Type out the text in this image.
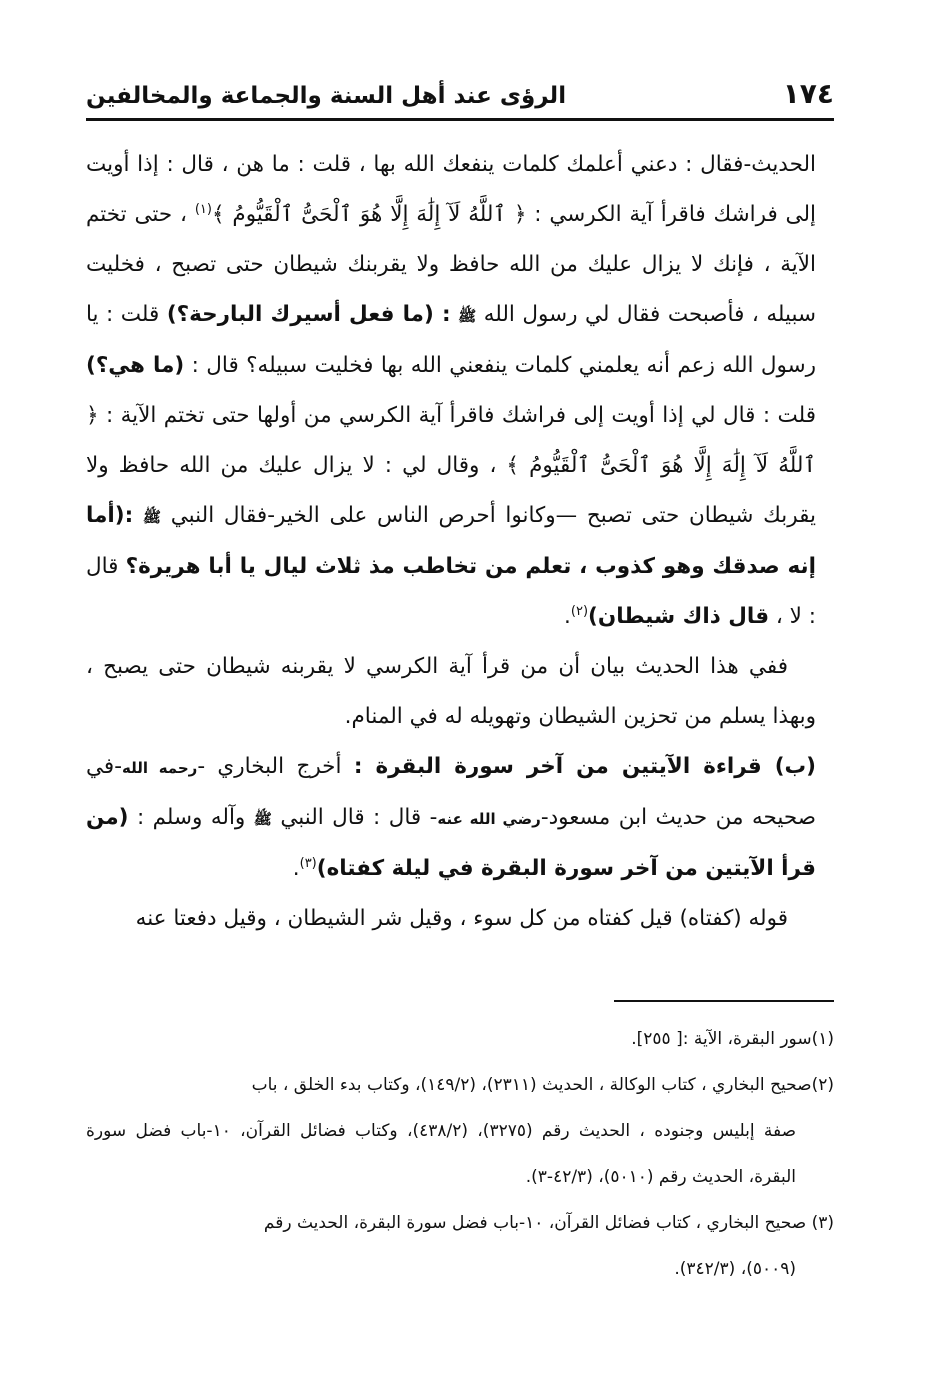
١٧٤
الرؤى عند أهل السنة والجماعة والمخالفين

الحديث-فقال : دعني أعلمك كلمات ينفعك الله بها ، قلت : ما هن ، قال : إذا أويت إلى فراشك فاقرأ آية الكرسي : ﴿ ٱللَّهُ لَآ إِلَٰهَ إِلَّا هُوَ ٱلْحَىُّ ٱلْقَيُّومُ ﴾$^{(١)}$ ، حتى تختم الآية ، فإنك لا يزال عليك من الله حافظ ولا يقربنك شيطان حتى تصبح ، فخليت سبيله ، فأصبحت فقال لي رسول الله ﷺ : (ما فعل أسيرك البارحة؟) قلت : يا رسول الله زعم أنه يعلمني كلمات ينفعني الله بها فخليت سبيله؟ قال : (ما هي؟) قلت : قال لي إذا أويت إلى فراشك فاقرأ آية الكرسي من أولها حتى تختم الآية : ﴿ ٱللَّهُ لَآ إِلَٰهَ إِلَّا هُوَ ٱلْحَىُّ ٱلْقَيُّومُ ﴾ ، وقال لي : لا يزال عليك من الله حافظ ولا يقربك شيطان حتى تصبح —وكانوا أحرص الناس على الخير-فقال النبي ﷺ :(أما إنه صدقك وهو كذوب ، تعلم من تخاطب مذ ثلاث ليال يا أبا هريرة؟ قال : لا ، قال ذاك شيطان)$^{(٢)}$.

ففي هذا الحديث بيان أن من قرأ آية الكرسي لا يقربنه شيطان حتى يصبح ، وبهذا يسلم من تحزين الشيطان وتهويله له في المنام.

(ب) قراءة الآيتين من آخر سورة البقرة : أخرج البخاري -رحمه الله-في صحيحه من حديث ابن مسعود-رضي الله عنه- قال : قال النبي ﷺ وآله وسلم : (من قرأ الآيتين من آخر سورة البقرة في ليلة كفتاه)$^{(٣)}$.

قوله (كفتاه) قيل كفتاه من كل سوء ، وقيل شر الشيطان ، وقيل دفعتا عنه

(١)سور البقرة، الآية :[ ٢٥٥].

(٢)صحيح البخاري ، كتاب الوكالة ، الحديث (٢٣١١)، (١٤٩/٢)، وكتاب بدء الخلق ، باب

صفة إبليس وجنوده ، الحديث رقم (٣٢٧٥)، (٤٣٨/٢)، وكتاب فضائل القرآن، ١٠-باب فضل سورة البقرة، الحديث رقم (٥٠١٠)، (٤٢/٣-٣).

(٣) صحيح البخاري ، كتاب فضائل القرآن، ١٠-باب فضل سورة البقرة، الحديث رقم

(٥٠٠٩)، (٣٤٢/٣).
